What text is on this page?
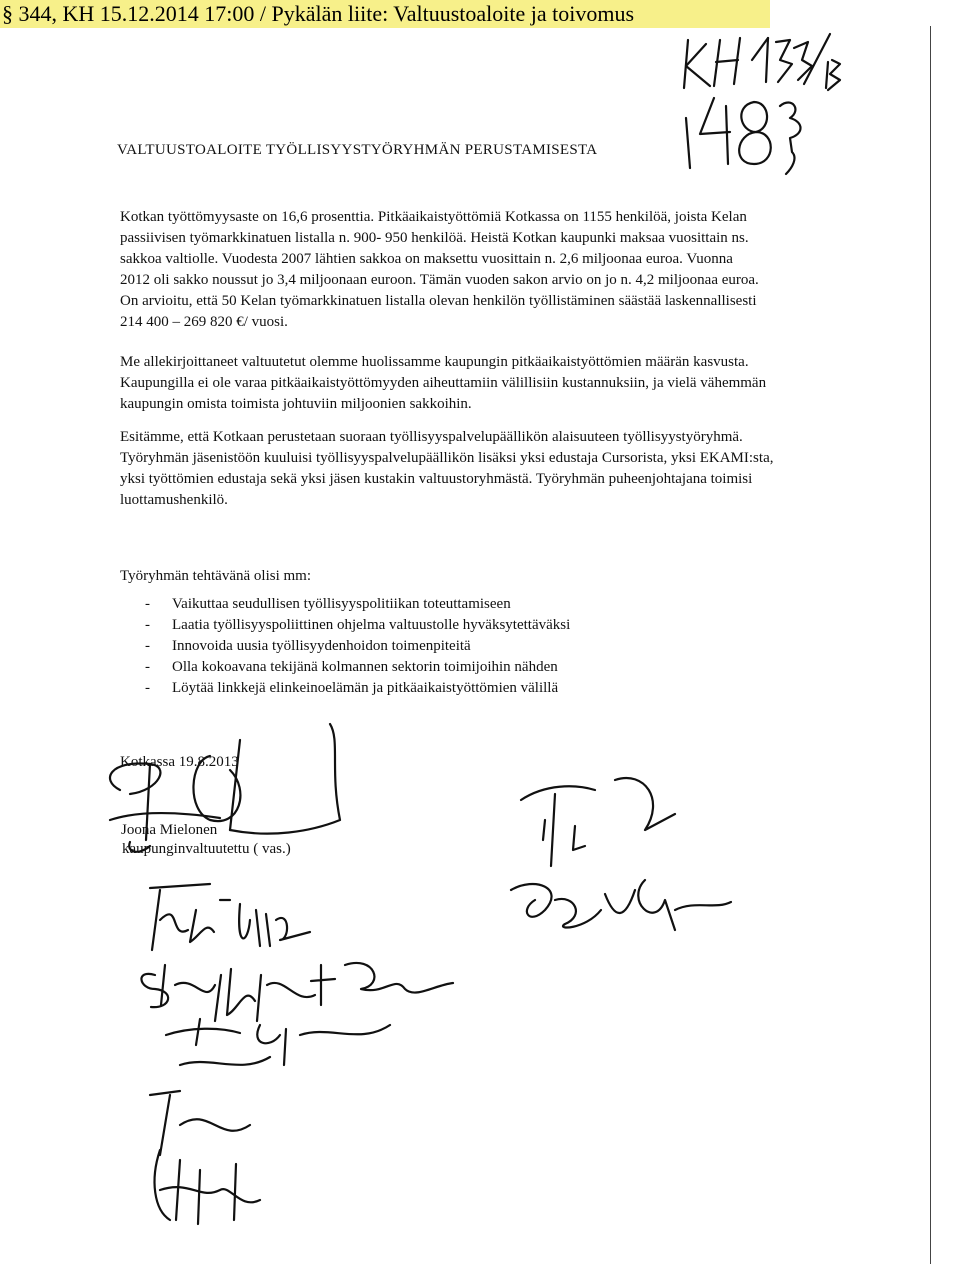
§ 344, KH 15.12.2014 17:00 / Pykälän liite: Valtuustoaloite ja toivomus
VALTUUSTOALOITE TYÖLLISYYSTYÖRYHMÄN PERUSTAMISESTA
Kotkan työttömyysaste on 16,6 prosenttia. Pitkäaikaistyöttömiä Kotkassa on 1155 henkilöä, joista Kelan
passiivisen työmarkkinatuen listalla n. 900- 950 henkilöä. Heistä Kotkan kaupunki maksaa vuosittain ns.
sakkoa valtiolle. Vuodesta 2007 lähtien sakkoa on maksettu vuosittain n. 2,6 miljoonaa euroa. Vuonna
2012 oli sakko noussut jo 3,4 miljoonaan euroon. Tämän vuoden sakon arvio on jo n. 4,2 miljoonaa euroa.
On arvioitu, että 50 Kelan työmarkkinatuen listalla olevan henkilön työllistäminen säästää laskennallisesti
214 400 – 269 820 €/ vuosi.
Me allekirjoittaneet valtuutetut olemme huolissamme kaupungin pitkäaikaistyöttömien määrän kasvusta.
Kaupungilla ei ole varaa pitkäaikaistyöttömyyden aiheuttamiin välillisiin kustannuksiin, ja vielä vähemmän
kaupungin omista toimista johtuviin miljoonien sakkoihin.
Esitämme, että Kotkaan perustetaan suoraan työllisyyspalvelupäällikön alaisuuteen työllisyystyöryhmä.
Työryhmän jäsenistöön kuuluisi työllisyyspalvelupäällikön lisäksi yksi edustaja Cursorista, yksi EKAMI:sta,
yksi työttömien edustaja sekä yksi jäsen kustakin valtuustoryhmästä. Työryhmän puheenjohtajana toimisi
luottamushenkilö.
Työryhmän tehtävänä olisi mm:
- Vaikuttaa seudullisen työllisyyspolitiikan toteuttamiseen
- Laatia työllisyyspoliittinen ohjelma valtuustolle hyväksytettäväksi
- Innovoida uusia työllisyydenhoidon toimenpiteitä
- Olla kokoavana tekijänä kolmannen sektorin toimijoihin nähden
- Löytää linkkejä elinkeinoelämän ja pitkäaikaistyöttömien välillä
Kotkassa 19.8.2013
Joona Mielonen
kaupunginvaltuutettu ( vas.)
